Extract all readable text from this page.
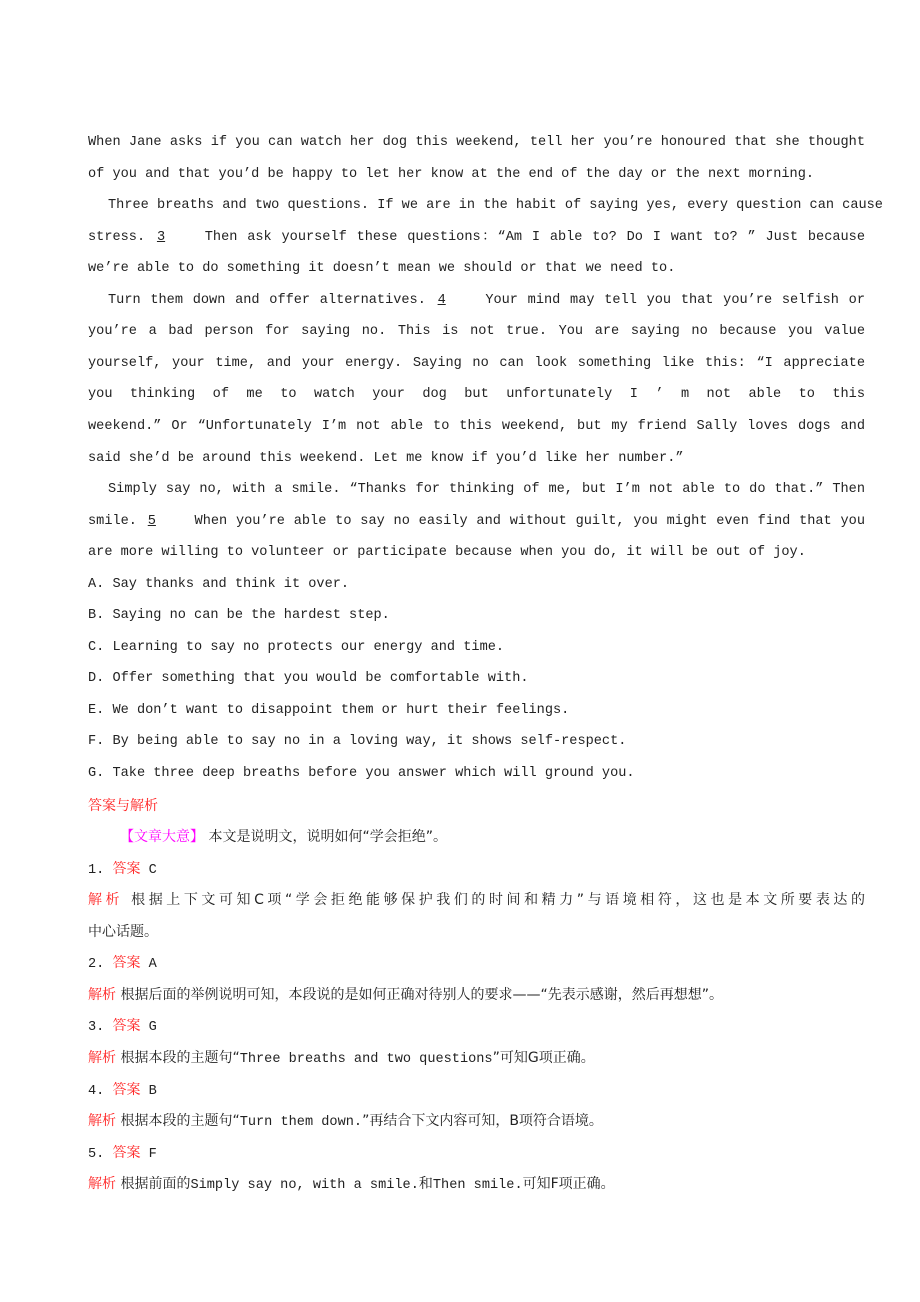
When Jane asks if you can watch her dog this weekend, tell her you’re honoured that she thought
of you and that you’d be happy to let her know at the end of the day or the next morning.
Three breaths and two questions. If we are in the habit of saying yes, every question can cause
stress. 3 Then ask yourself these questions：“Am I able to? Do I want to? ” Just because
we’re able to do something it doesn’t mean we should or that we need to.
Turn them down and offer alternatives. 4 Your mind may tell you that you’re selfish or
you’re a bad person for saying no. This is not true. You are saying no because you value
yourself, your time, and your energy. Saying no can look something like this: “I appreciate
you thinking of me to watch your dog but unfortunately I ’ m not able to this
weekend.” Or “Unfortunately I’m not able to this weekend, but my friend Sally loves dogs and
said she’d be around this weekend. Let me know if you’d like her number.”
Simply say no, with a smile. “Thanks for thinking of me, but I’m not able to do that.” Then
smile. 5 When you’re able to say no easily and without guilt, you might even find that you
are more willing to volunteer or participate because when you do, it will be out of joy.
A. Say thanks and think it over.
B. Saying no can be the hardest step.
C. Learning to say no protects our energy and time.
D. Offer something that you would be comfortable with.
E. We don’t want to disappoint them or hurt their feelings.
F. By being able to say no in a loving way, it shows self-respect.
G. Take three deep breaths before you answer which will ground you.
答案与解析
【文章大意】 本文是说明文，说明如何“学会拒绝”。
1. 答案 C
解析 根据上下文可知C项“学会拒绝能够保护我们的时间和精力”与语境相符，这也是本文所要表达的
中心话题。
2. 答案 A
解析 根据后面的举例说明可知，本段说的是如何正确对待别人的要求——“先表示感谢，然后再想想”。
3. 答案 G
解析 根据本段的主题句“Three breaths and two questions”可知G项正确。
4. 答案 B
解析 根据本段的主题句“Turn them down.”再结合下文内容可知，B项符合语境。
5. 答案 F
解析 根据前面的Simply say no, with a smile.和Then smile.可知F项正确。
